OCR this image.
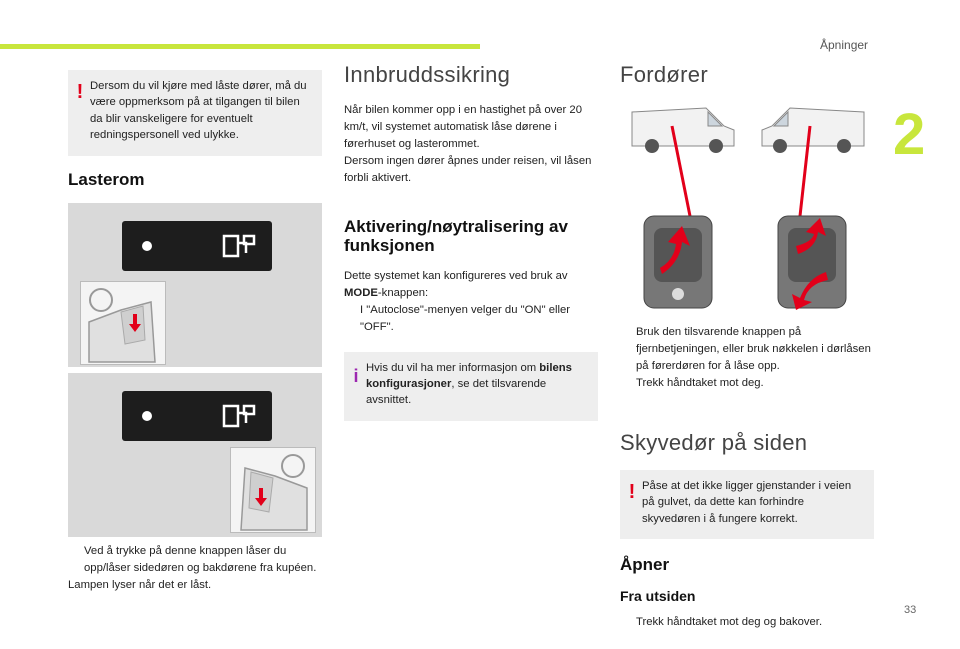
Åpninger
2
33
! Dersom du vil kjøre med låste dører, må du være oppmerksom på at tilgangen til bilen da blir vanskeligere for eventuelt redningspersonell ved ulykke.
Lasterom
Ved å trykke på denne knappen låser du opp/låser sidedøren og bakdørene fra kupéen.

Lampen lyser når det er låst.

Innbruddssikring

Når bilen kommer opp i en hastighet på over 20 km/t, vil systemet automatisk låse dørene i førerhuset og lasterommet.

Dersom ingen dører åpnes under reisen, vil låsen forbli aktivert.

Aktivering/nøytralisering av funksjonen

Dette systemet kan konfigureres ved bruk av MODE-knappen:

I "Autoclose"-menyen velger du "ON" eller "OFF".
i Hvis du vil ha mer informasjon om bilens konfigurasjoner, se det tilsvarende avsnittet.
Fordører
Bruk den tilsvarende knappen på fjernbetjeningen, eller bruk nøkkelen i dørlåsen på førerdøren for å låse opp.
Trekk håndtaket mot deg.
Skyvedør på siden
! Påse at det ikke ligger gjenstander i veien på gulvet, da dette kan forhindre skyvedøren i å fungere korrekt.
Åpner
Fra utsiden
Trekk håndtaket mot deg og bakover.
